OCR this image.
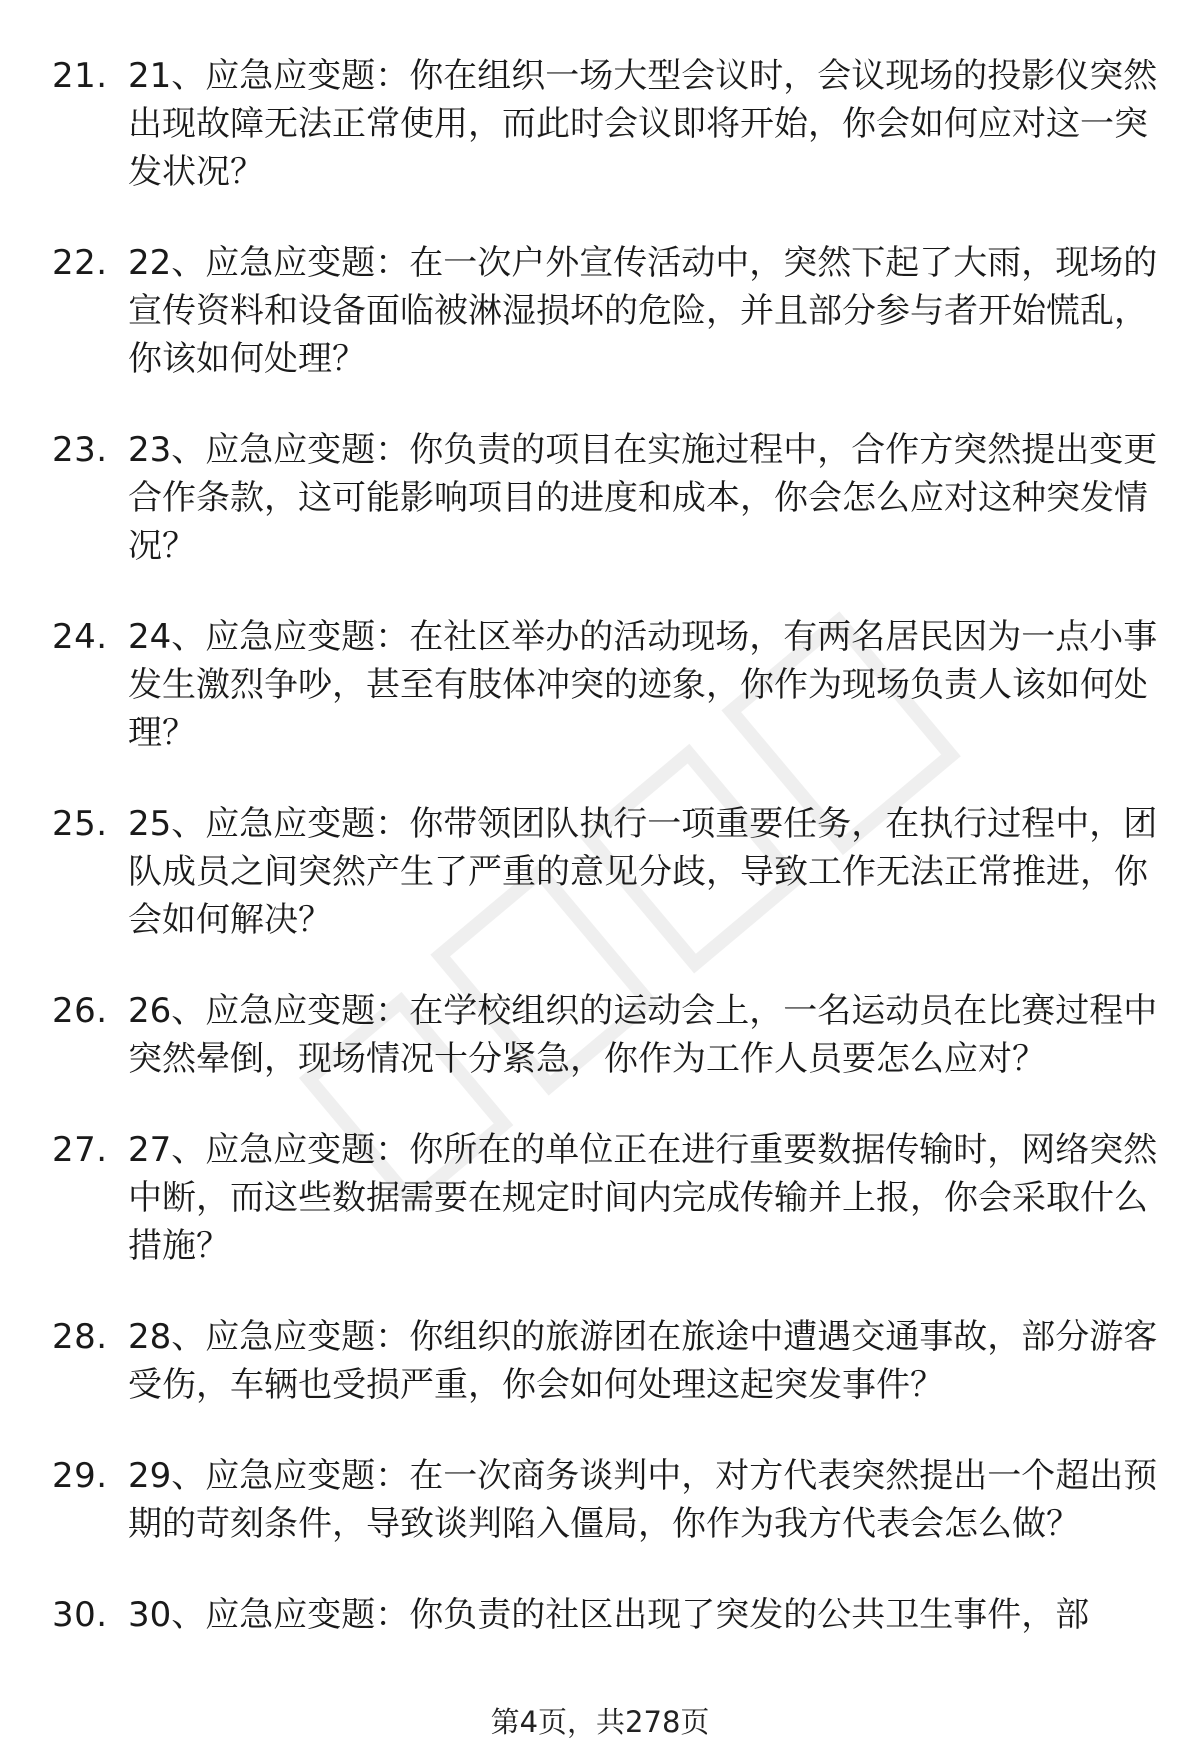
21. 21、应急应变题：你在组织一场大型会议时，会议现场的投影仪突然出现故障无法正常使用，而此时会议即将开始，你会如何应对这一突发状况？
22. 22、应急应变题：在一次户外宣传活动中，突然下起了大雨，现场的宣传资料和设备面临被淋湿损坏的危险，并且部分参与者开始慌乱，你该如何处理？
23. 23、应急应变题：你负责的项目在实施过程中，合作方突然提出变更合作条款，这可能影响项目的进度和成本，你会怎么应对这种突发情况？
24. 24、应急应变题：在社区举办的活动现场，有两名居民因为一点小事发生激烈争吵，甚至有肢体冲突的迹象，你作为现场负责人该如何处理？
25. 25、应急应变题：你带领团队执行一项重要任务，在执行过程中，团队成员之间突然产生了严重的意见分歧，导致工作无法正常推进，你会如何解决？
26. 26、应急应变题：在学校组织的运动会上，一名运动员在比赛过程中突然晕倒，现场情况十分紧急，你作为工作人员要怎么应对？
27. 27、应急应变题：你所在的单位正在进行重要数据传输时，网络突然中断，而这些数据需要在规定时间内完成传输并上报，你会采取什么措施？
28. 28、应急应变题：你组织的旅游团在旅途中遭遇交通事故，部分游客受伤，车辆也受损严重，你会如何处理这起突发事件？
29. 29、应急应变题：在一次商务谈判中，对方代表突然提出一个超出预期的苛刻条件，导致谈判陷入僵局，你作为我方代表会怎么做？
30. 30、应急应变题：你负责的社区出现了突发的公共卫生事件，部
第4页，共278页
